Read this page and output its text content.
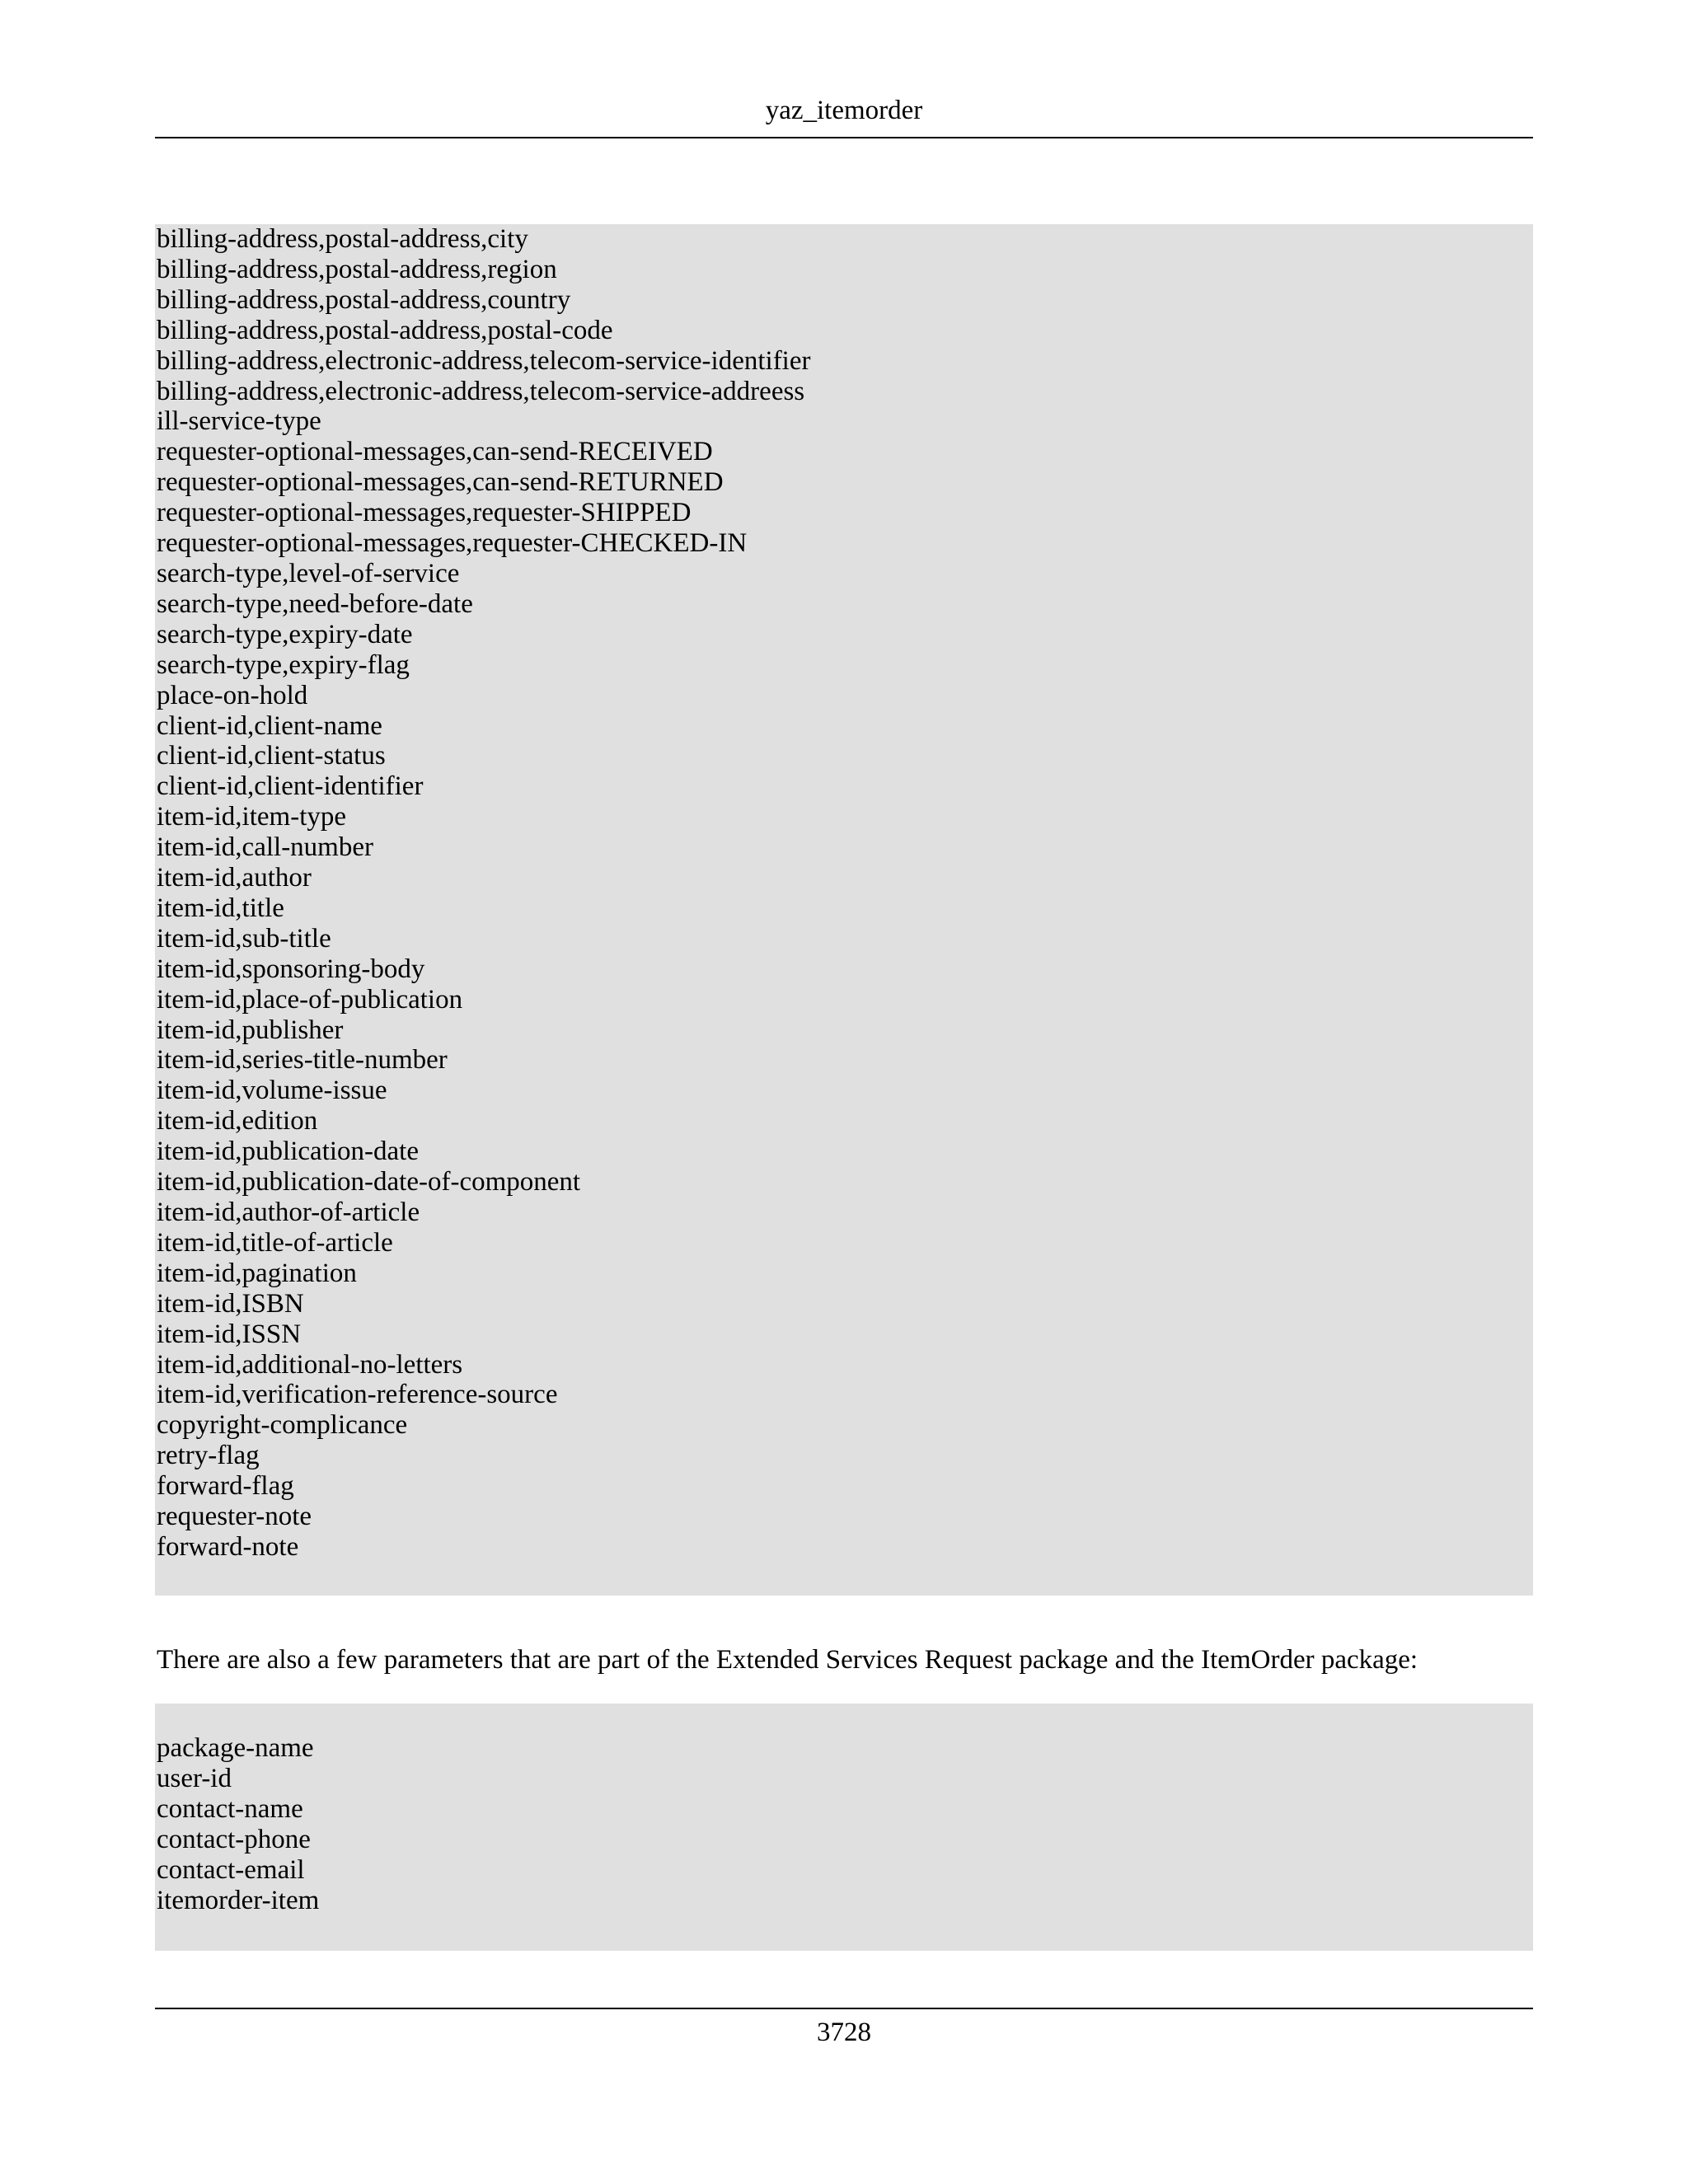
yaz_itemorder
billing-address,postal-address,city
billing-address,postal-address,region
billing-address,postal-address,country
billing-address,postal-address,postal-code
billing-address,electronic-address,telecom-service-identifier
billing-address,electronic-address,telecom-service-addreess
ill-service-type
requester-optional-messages,can-send-RECEIVED
requester-optional-messages,can-send-RETURNED
requester-optional-messages,requester-SHIPPED
requester-optional-messages,requester-CHECKED-IN
search-type,level-of-service
search-type,need-before-date
search-type,expiry-date
search-type,expiry-flag
place-on-hold
client-id,client-name
client-id,client-status
client-id,client-identifier
item-id,item-type
item-id,call-number
item-id,author
item-id,title
item-id,sub-title
item-id,sponsoring-body
item-id,place-of-publication
item-id,publisher
item-id,series-title-number
item-id,volume-issue
item-id,edition
item-id,publication-date
item-id,publication-date-of-component
item-id,author-of-article
item-id,title-of-article
item-id,pagination
item-id,ISBN
item-id,ISSN
item-id,additional-no-letters
item-id,verification-reference-source
copyright-complicance
retry-flag
forward-flag
requester-note
forward-note
There are also a few parameters that are part of the Extended Services Request package and the ItemOrder package:
package-name
user-id
contact-name
contact-phone
contact-email
itemorder-item
3728
